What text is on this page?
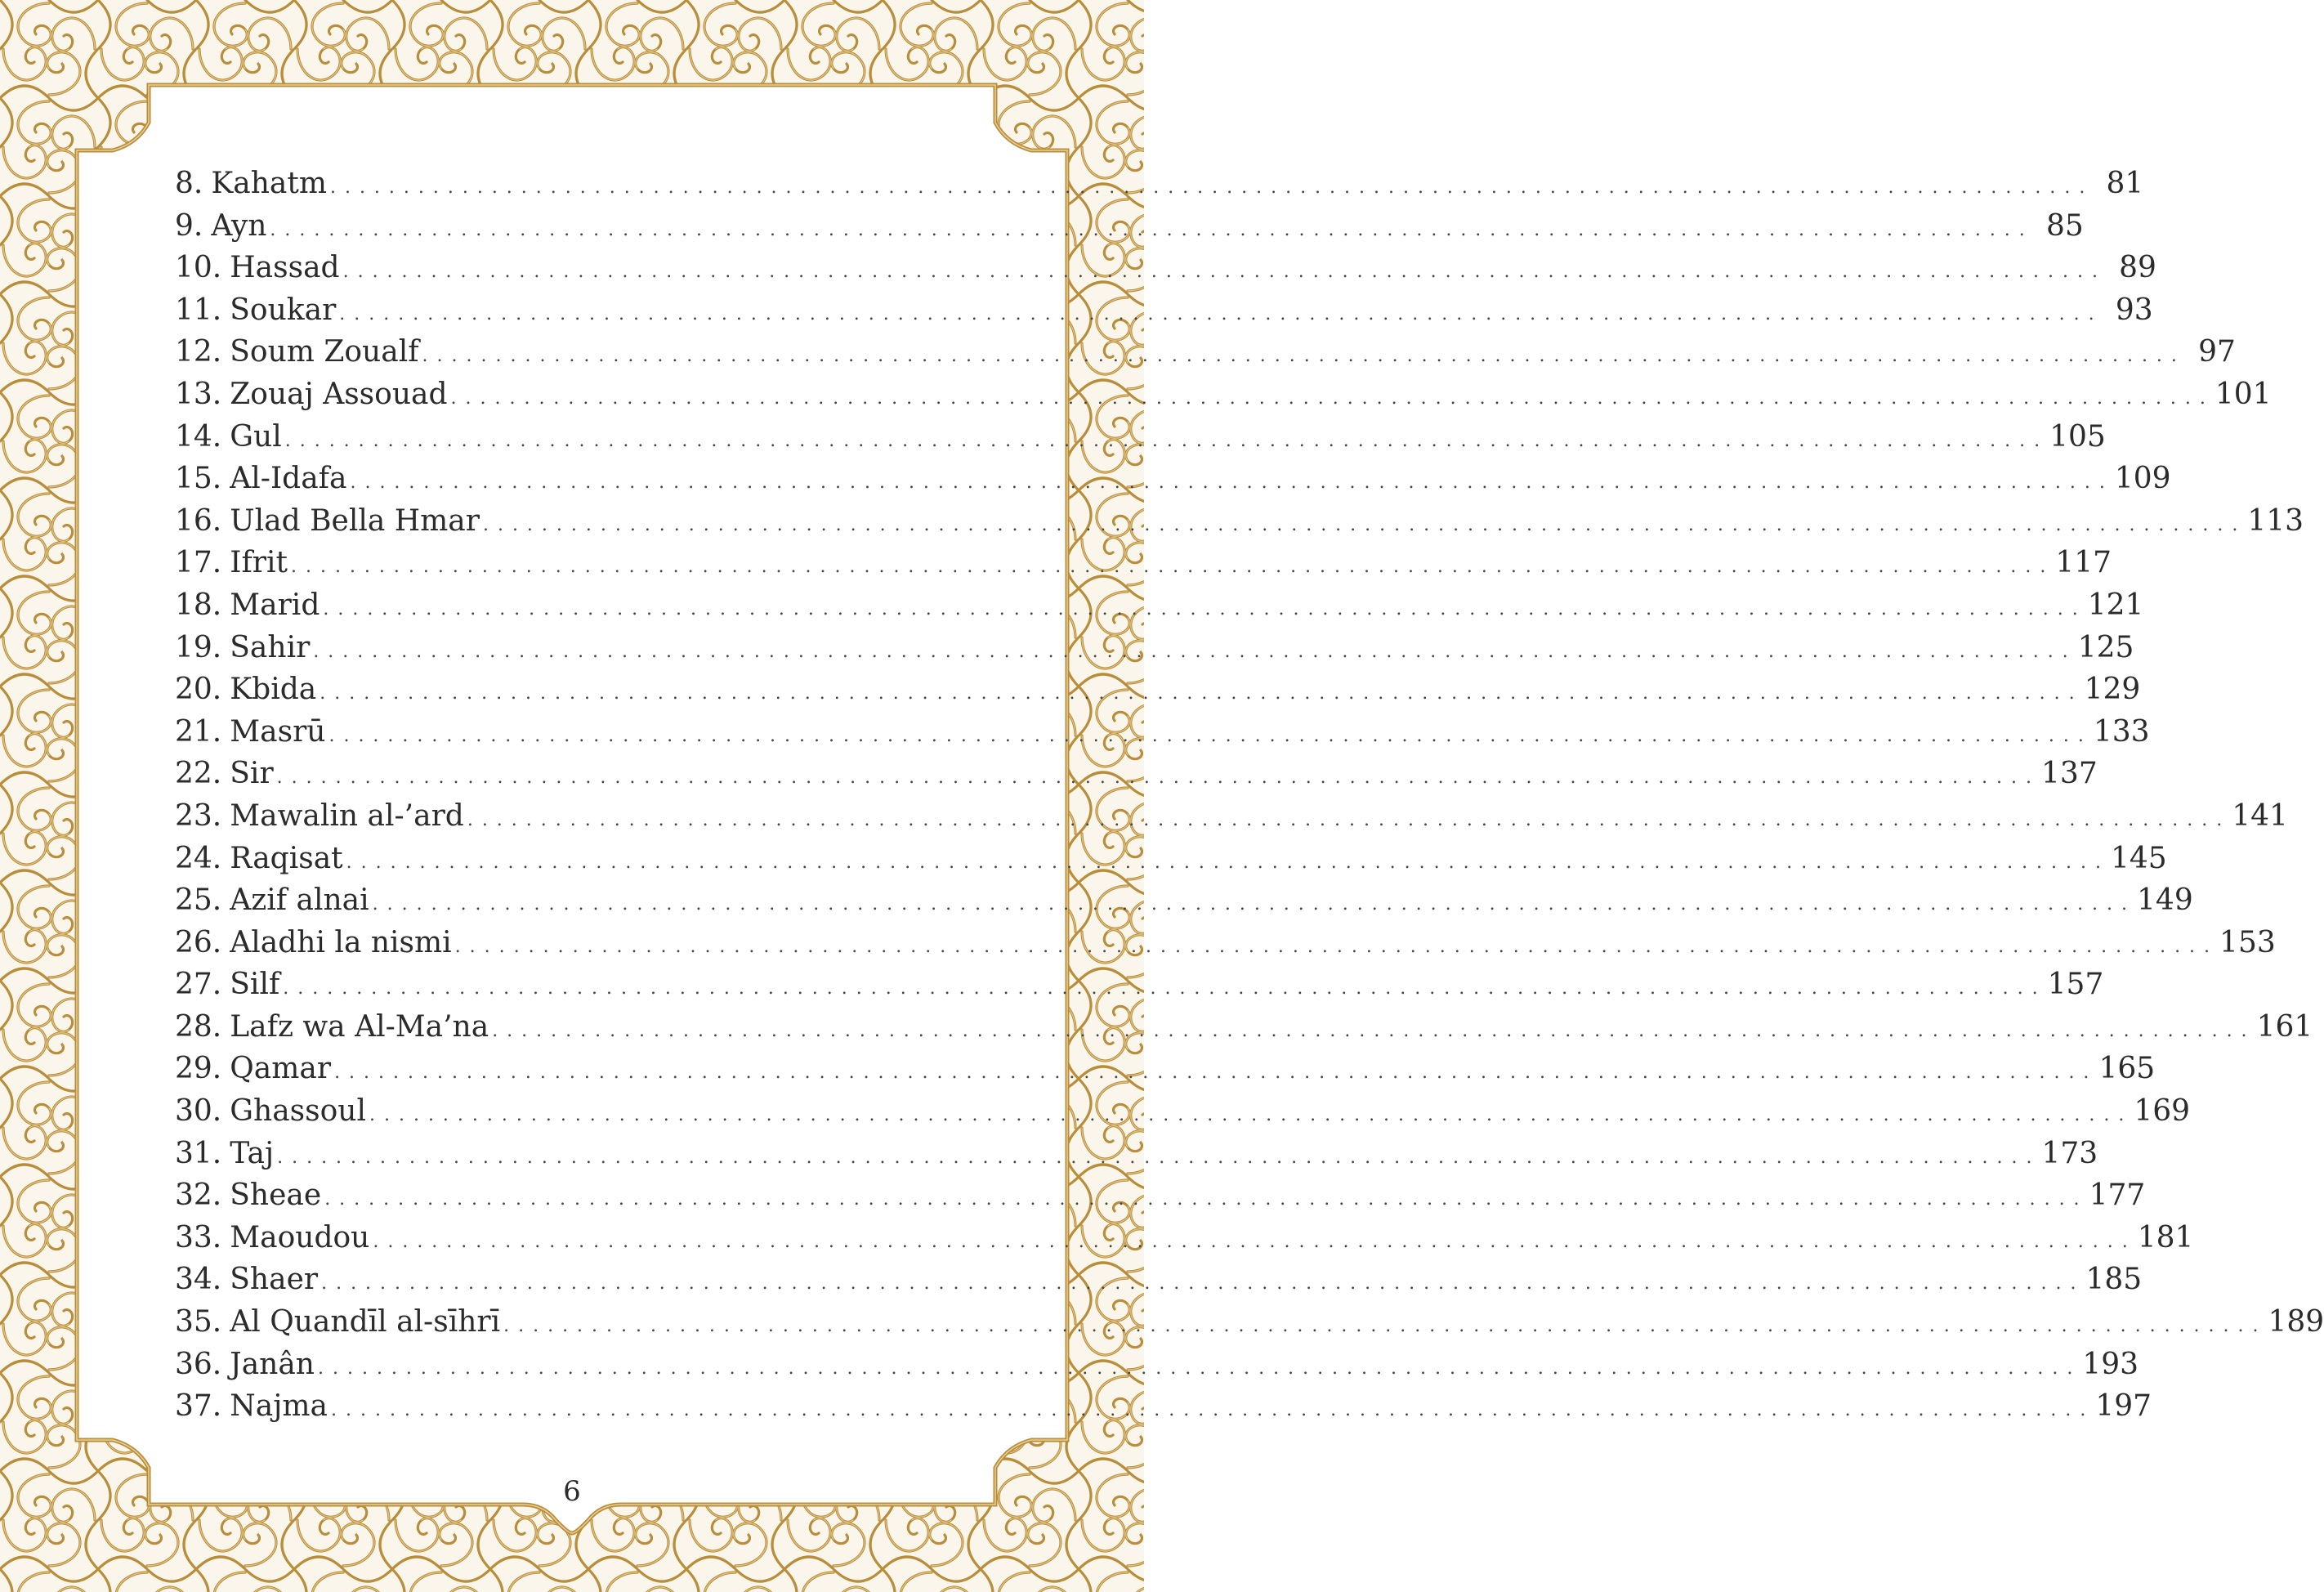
8. Kahatm . . . . . . . . . . . . . . . . . . . . . . . . . . . . . . . . . . . . . . . . . . . . . . . . . . . . . . . . . . . . . . . . . . . . . . . . . . . . . . . . . . . . . . . . . . . . . . . . . . . . . . . . . . . . . . . . . . . . . . . . 81
9. Ayn . . . . . . . . . . . . . . . . . . . . . . . . . . . . . . . . . . . . . . . . . . . . . . . . . . . . . . . . . . . . . . . . . . . . . . . . . . . . . . . . . . . . . . . . . . . . . . . . . . . . . . . . . . . . . . . . . . . . . . . . 85
10. Hassad . . . . . . . . . . . . . . . . . . . . . . . . . . . . . . . . . . . . . . . . . . . . . . . . . . . . . . . . . . . . . . . . . . . . . . . . . . . . . . . . . . . . . . . . . . . . . . . . . . . . . . . . . . . . . . . . . . . . . . . . 89
11. Soukar . . . . . . . . . . . . . . . . . . . . . . . . . . . . . . . . . . . . . . . . . . . . . . . . . . . . . . . . . . . . . . . . . . . . . . . . . . . . . . . . . . . . . . . . . . . . . . . . . . . . . . . . . . . . . . . . . . . . . . . . 93
12. Soum Zoualf . . . . . . . . . . . . . . . . . . . . . . . . . . . . . . . . . . . . . . . . . . . . . . . . . . . . . . . . . . . . . . . . . . . . . . . . . . . . . . . . . . . . . . . . . . . . . . . . . . . . . . . . . . . . . . . . . . . . . . . . 97
13. Zouaj Assouad . . . . . . . . . . . . . . . . . . . . . . . . . . . . . . . . . . . . . . . . . . . . . . . . . . . . . . . . . . . . . . . . . . . . . . . . . . . . . . . . . . . . . . . . . . . . . . . . . . . . . . . . . . . . . . . . . . . . . . . . 101
14. Gul . . . . . . . . . . . . . . . . . . . . . . . . . . . . . . . . . . . . . . . . . . . . . . . . . . . . . . . . . . . . . . . . . . . . . . . . . . . . . . . . . . . . . . . . . . . . . . . . . . . . . . . . . . . . . . . . . . . . . . . . 105
15. Al-Idafa . . . . . . . . . . . . . . . . . . . . . . . . . . . . . . . . . . . . . . . . . . . . . . . . . . . . . . . . . . . . . . . . . . . . . . . . . . . . . . . . . . . . . . . . . . . . . . . . . . . . . . . . . . . . . . . . . . . . . . . . 109
16. Ulad Bella Hmar . . . . . . . . . . . . . . . . . . . . . . . . . . . . . . . . . . . . . . . . . . . . . . . . . . . . . . . . . . . . . . . . . . . . . . . . . . . . . . . . . . . . . . . . . . . . . . . . . . . . . . . . . . . . . . . . . . . . . . . . 113
17. Ifrit . . . . . . . . . . . . . . . . . . . . . . . . . . . . . . . . . . . . . . . . . . . . . . . . . . . . . . . . . . . . . . . . . . . . . . . . . . . . . . . . . . . . . . . . . . . . . . . . . . . . . . . . . . . . . . . . . . . . . . . . 117
18. Marid . . . . . . . . . . . . . . . . . . . . . . . . . . . . . . . . . . . . . . . . . . . . . . . . . . . . . . . . . . . . . . . . . . . . . . . . . . . . . . . . . . . . . . . . . . . . . . . . . . . . . . . . . . . . . . . . . . . . . . . . 121
19. Sahir . . . . . . . . . . . . . . . . . . . . . . . . . . . . . . . . . . . . . . . . . . . . . . . . . . . . . . . . . . . . . . . . . . . . . . . . . . . . . . . . . . . . . . . . . . . . . . . . . . . . . . . . . . . . . . . . . . . . . . . . 125
20. Kbida . . . . . . . . . . . . . . . . . . . . . . . . . . . . . . . . . . . . . . . . . . . . . . . . . . . . . . . . . . . . . . . . . . . . . . . . . . . . . . . . . . . . . . . . . . . . . . . . . . . . . . . . . . . . . . . . . . . . . . . . 129
21. Masrū . . . . . . . . . . . . . . . . . . . . . . . . . . . . . . . . . . . . . . . . . . . . . . . . . . . . . . . . . . . . . . . . . . . . . . . . . . . . . . . . . . . . . . . . . . . . . . . . . . . . . . . . . . . . . . . . . . . . . . . . 133
22. Sir . . . . . . . . . . . . . . . . . . . . . . . . . . . . . . . . . . . . . . . . . . . . . . . . . . . . . . . . . . . . . . . . . . . . . . . . . . . . . . . . . . . . . . . . . . . . . . . . . . . . . . . . . . . . . . . . . . . . . . . . 137
23. Mawalin al-’ard . . . . . . . . . . . . . . . . . . . . . . . . . . . . . . . . . . . . . . . . . . . . . . . . . . . . . . . . . . . . . . . . . . . . . . . . . . . . . . . . . . . . . . . . . . . . . . . . . . . . . . . . . . . . . . . . . . . . . . . . 141
24. Raqisat . . . . . . . . . . . . . . . . . . . . . . . . . . . . . . . . . . . . . . . . . . . . . . . . . . . . . . . . . . . . . . . . . . . . . . . . . . . . . . . . . . . . . . . . . . . . . . . . . . . . . . . . . . . . . . . . . . . . . . . . 145
25. Azif alnai . . . . . . . . . . . . . . . . . . . . . . . . . . . . . . . . . . . . . . . . . . . . . . . . . . . . . . . . . . . . . . . . . . . . . . . . . . . . . . . . . . . . . . . . . . . . . . . . . . . . . . . . . . . . . . . . . . . . . . . . 149
26. Aladhi la nismi . . . . . . . . . . . . . . . . . . . . . . . . . . . . . . . . . . . . . . . . . . . . . . . . . . . . . . . . . . . . . . . . . . . . . . . . . . . . . . . . . . . . . . . . . . . . . . . . . . . . . . . . . . . . . . . . . . . . . . . . 153
27. Silf . . . . . . . . . . . . . . . . . . . . . . . . . . . . . . . . . . . . . . . . . . . . . . . . . . . . . . . . . . . . . . . . . . . . . . . . . . . . . . . . . . . . . . . . . . . . . . . . . . . . . . . . . . . . . . . . . . . . . . . . 157
28. Lafz wa Al-Ma’na . . . . . . . . . . . . . . . . . . . . . . . . . . . . . . . . . . . . . . . . . . . . . . . . . . . . . . . . . . . . . . . . . . . . . . . . . . . . . . . . . . . . . . . . . . . . . . . . . . . . . . . . . . . . . . . . . . . . . . . . 161
29. Qamar . . . . . . . . . . . . . . . . . . . . . . . . . . . . . . . . . . . . . . . . . . . . . . . . . . . . . . . . . . . . . . . . . . . . . . . . . . . . . . . . . . . . . . . . . . . . . . . . . . . . . . . . . . . . . . . . . . . . . . . . 165
30. Ghassoul . . . . . . . . . . . . . . . . . . . . . . . . . . . . . . . . . . . . . . . . . . . . . . . . . . . . . . . . . . . . . . . . . . . . . . . . . . . . . . . . . . . . . . . . . . . . . . . . . . . . . . . . . . . . . . . . . . . . . . . . 169
31. Taj . . . . . . . . . . . . . . . . . . . . . . . . . . . . . . . . . . . . . . . . . . . . . . . . . . . . . . . . . . . . . . . . . . . . . . . . . . . . . . . . . . . . . . . . . . . . . . . . . . . . . . . . . . . . . . . . . . . . . . . . 173
32. Sheae . . . . . . . . . . . . . . . . . . . . . . . . . . . . . . . . . . . . . . . . . . . . . . . . . . . . . . . . . . . . . . . . . . . . . . . . . . . . . . . . . . . . . . . . . . . . . . . . . . . . . . . . . . . . . . . . . . . . . . . . 177
33. Maoudou . . . . . . . . . . . . . . . . . . . . . . . . . . . . . . . . . . . . . . . . . . . . . . . . . . . . . . . . . . . . . . . . . . . . . . . . . . . . . . . . . . . . . . . . . . . . . . . . . . . . . . . . . . . . . . . . . . . . . . . . 181
34. Shaer . . . . . . . . . . . . . . . . . . . . . . . . . . . . . . . . . . . . . . . . . . . . . . . . . . . . . . . . . . . . . . . . . . . . . . . . . . . . . . . . . . . . . . . . . . . . . . . . . . . . . . . . . . . . . . . . . . . . . . . . 185
35. Al Quandīl al-sīhrī . . . . . . . . . . . . . . . . . . . . . . . . . . . . . . . . . . . . . . . . . . . . . . . . . . . . . . . . . . . . . . . . . . . . . . . . . . . . . . . . . . . . . . . . . . . . . . . . . . . . . . . . . . . . . . . . . . . . . . . . 189
36. Janân . . . . . . . . . . . . . . . . . . . . . . . . . . . . . . . . . . . . . . . . . . . . . . . . . . . . . . . . . . . . . . . . . . . . . . . . . . . . . . . . . . . . . . . . . . . . . . . . . . . . . . . . . . . . . . . . . . . . . . . . 193
37. Najma . . . . . . . . . . . . . . . . . . . . . . . . . . . . . . . . . . . . . . . . . . . . . . . . . . . . . . . . . . . . . . . . . . . . . . . . . . . . . . . . . . . . . . . . . . . . . . . . . . . . . . . . . . . . . . . . . . . . . . . . 197
6
